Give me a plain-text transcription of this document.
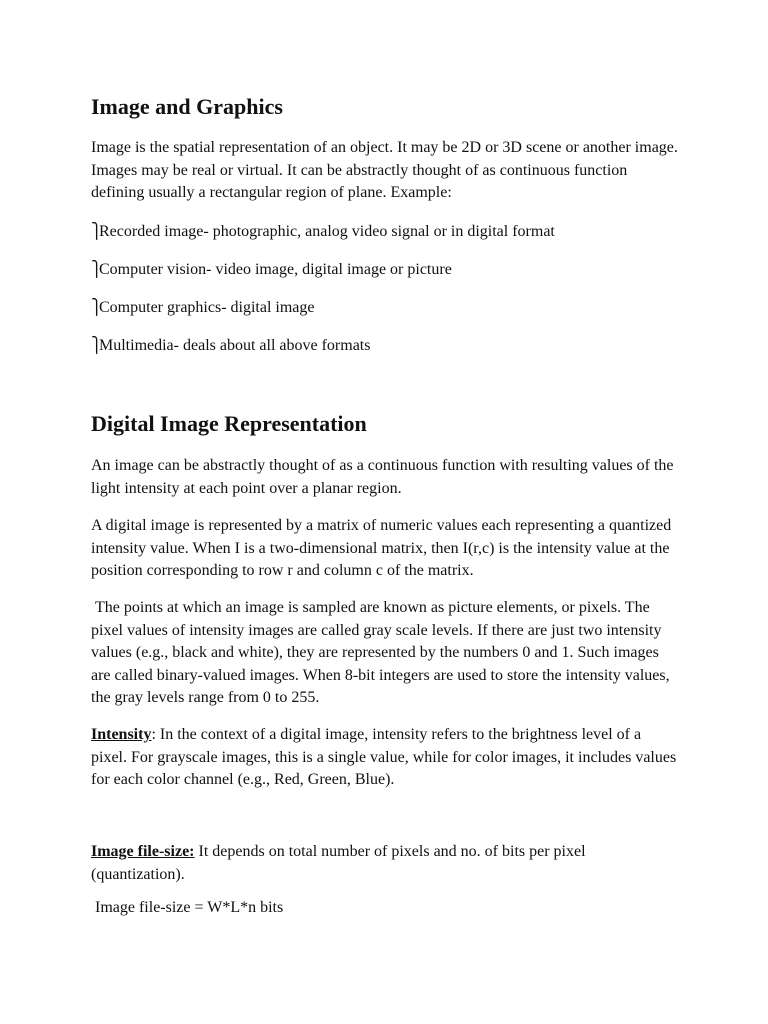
Image and Graphics

Image is the spatial representation of an object. It may be 2D or 3D scene or another image. Images may be real or virtual. It can be abstractly thought of as continuous function defining usually a rectangular region of plane. Example:

⎫Recorded image- photographic, analog video signal or in digital format
⎫Computer vision- video image, digital image or picture
⎫Computer graphics- digital image
⎫Multimedia- deals about all above formats
Digital Image Representation

An image can be abstractly thought of as a continuous function with resulting values of the light intensity at each point over a planar region.

A digital image is represented by a matrix of numeric values each representing a quantized intensity value. When I is a two-dimensional matrix, then I(r,c) is the intensity value at the position corresponding to row r and column c of the matrix.

The points at which an image is sampled are known as picture elements, or pixels. The pixel values of intensity images are called gray scale levels. If there are just two intensity values (e.g., black and white), they are represented by the numbers 0 and 1. Such images are called binary-valued images. When 8-bit integers are used to store the intensity values, the gray levels range from 0 to 255.

Intensity: In the context of a digital image, intensity refers to the brightness level of a pixel. For grayscale images, this is a single value, while for color images, it includes values for each color channel (e.g., Red, Green, Blue).

Image file-size: It depends on total number of pixels and no. of bits per pixel (quantization).

Image file-size = W*L*n bits
